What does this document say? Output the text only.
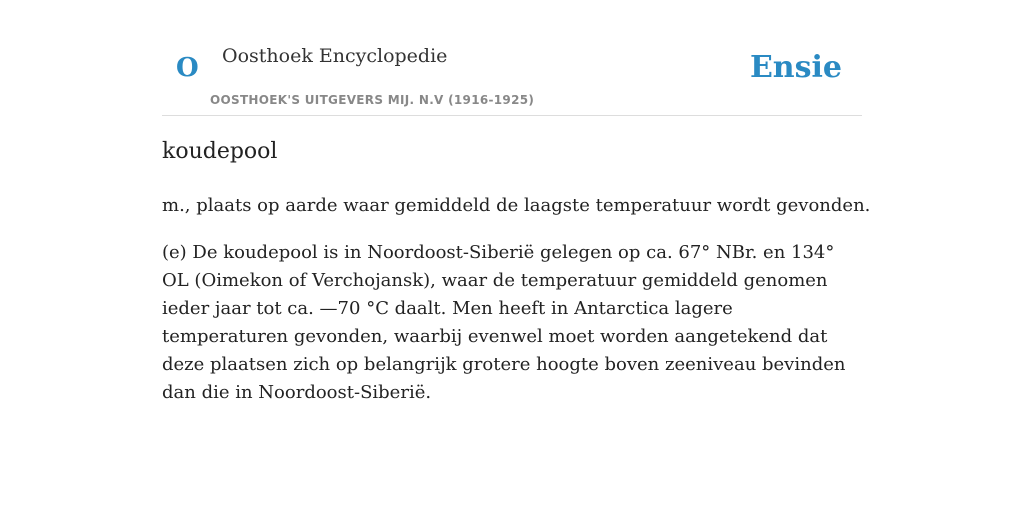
O Oosthoek Encyclopedie
OOSTHOEK'S UITGEVERS MIJ. N.V (1916-1925)
Ensie
koudepool

m., plaats op aarde waar gemiddeld de laagste temperatuur wordt gevonden.

(e) De koudepool is in Noordoost-Siberië gelegen op ca. 67° NBr. en 134° OL (Oimekon of Verchojansk), waar de temperatuur gemiddeld genomen ieder jaar tot ca. —70 °C daalt. Men heeft in Antarctica lagere temperaturen gevonden, waarbij evenwel moet worden aangetekend dat deze plaatsen zich op belangrijk grotere hoogte boven zeeniveau bevinden dan die in Noordoost-Siberië.
